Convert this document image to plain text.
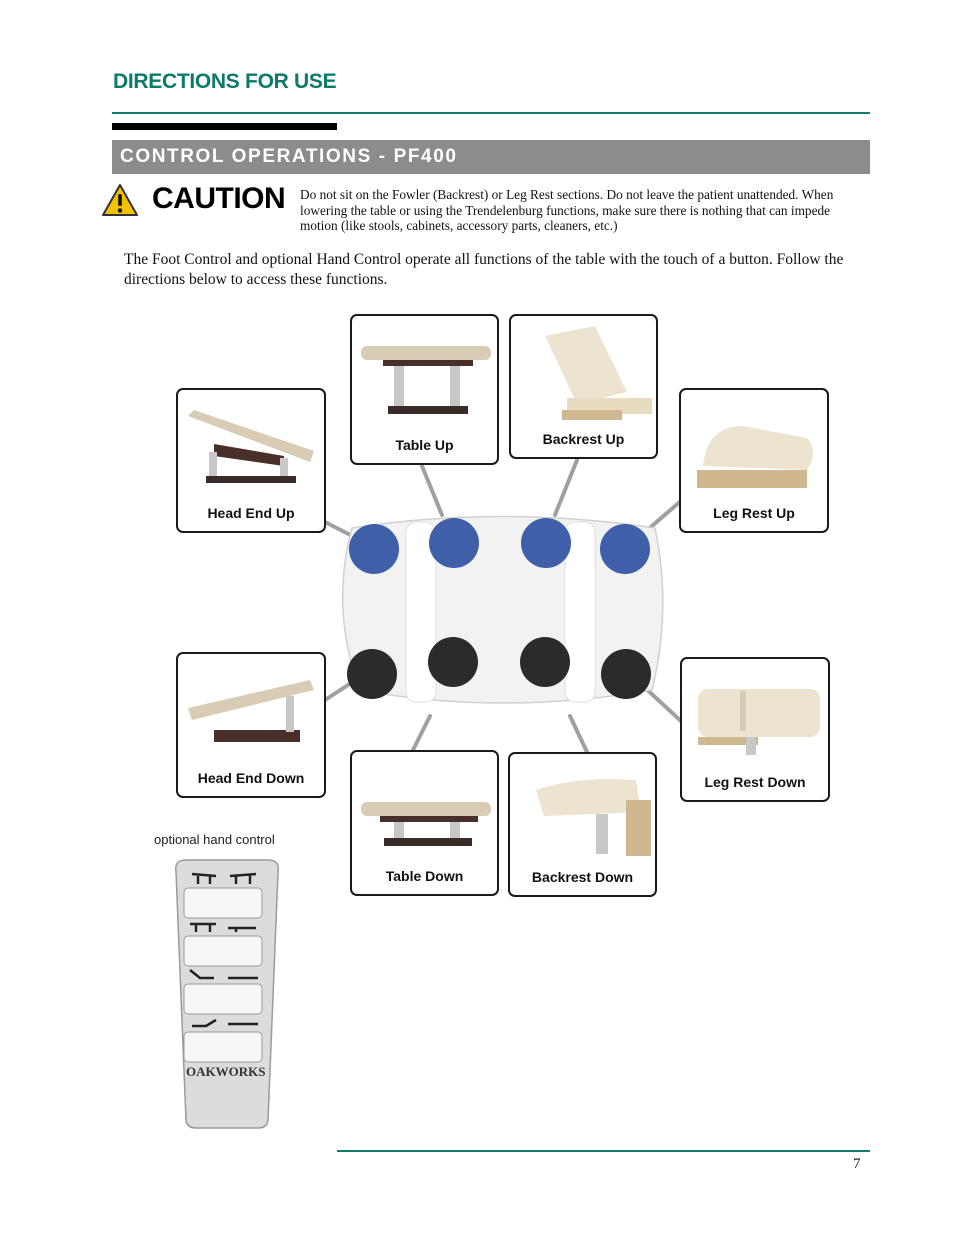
DIRECTIONS FOR USE
CONTROL OPERATIONS - PF400
CAUTION Do not sit on the Fowler (Backrest) or Leg Rest sections. Do not leave the patient unattended. When lowering the table or using the Trendelenburg functions, make sure there is nothing that can impede motion (like stools, cabinets, accessory parts, cleaners, etc.)
The Foot Control and optional Hand Control operate all functions of the table with the touch of a button. Follow the directions below to access these functions.
Table Up	Backrest Up
Head End Up	Leg Rest Up
Head End Down	Leg Rest Down
Table Down	Backrest Down
optional hand control
OAKWORKS
7
